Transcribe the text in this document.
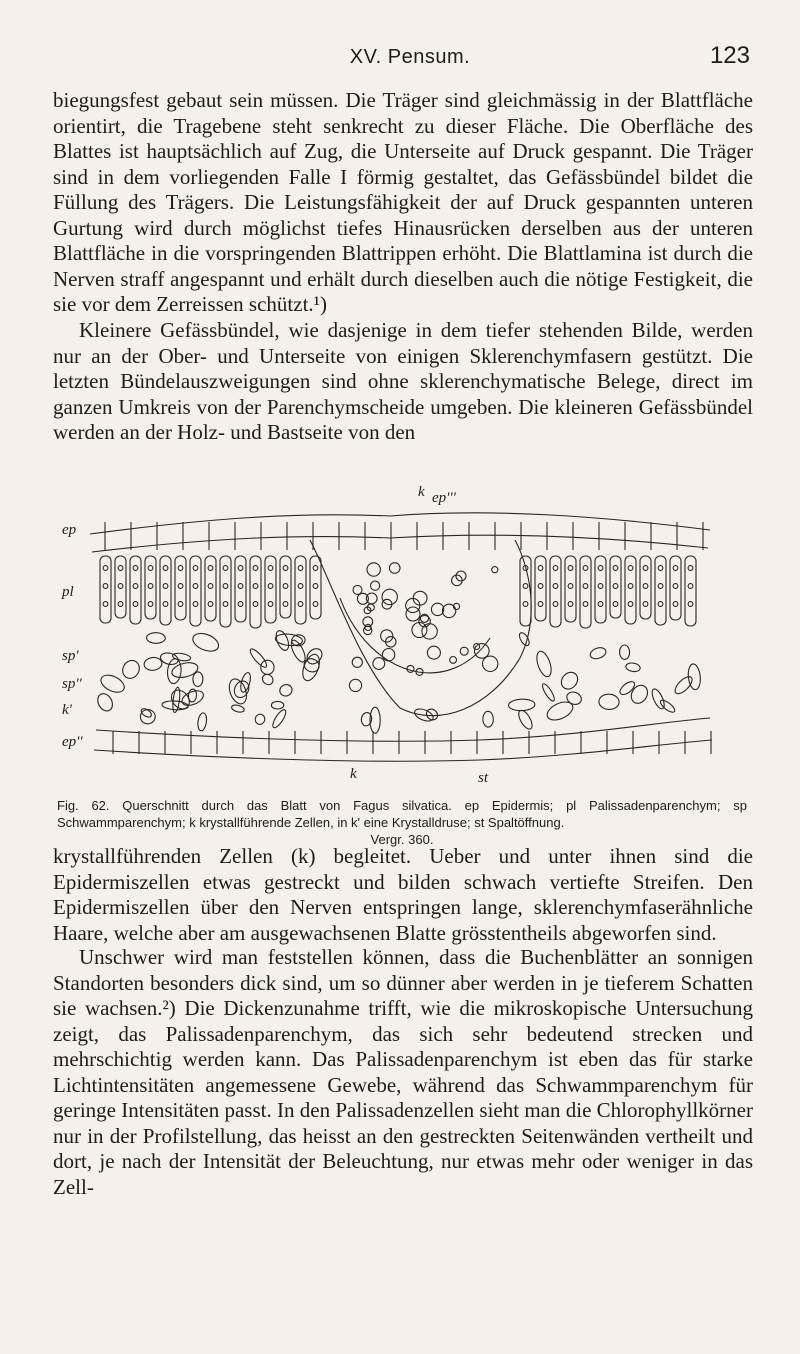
XV. Pensum.	123

biegungsfest gebaut sein müssen. Die Träger sind gleichmässig in der Blattfläche orientirt, die Tragebene steht senkrecht zu dieser Fläche. Die Oberfläche des Blattes ist hauptsächlich auf Zug, die Unterseite auf Druck gespannt. Die Träger sind in dem vorliegenden Falle I förmig gestaltet, das Gefässbündel bildet die Füllung des Trägers. Die Leistungsfähigkeit der auf Druck gespannten unteren Gurtung wird durch möglichst tiefes Hinausrücken derselben aus der unteren Blattfläche in die vorspringenden Blattrippen erhöht. Die Blattlamina ist durch die Nerven straff angespannt und erhält durch dieselben auch die nötige Festigkeit, die sie vor dem Zerreissen schützt.¹)

Kleinere Gefässbündel, wie dasjenige in dem tiefer stehenden Bilde, werden nur an der Ober- und Unterseite von einigen Sklerenchymfasern gestützt. Die letzten Bündelauszweigungen sind ohne sklerenchymatische Belege, direct im ganzen Umkreis von der Parenchymscheide umgeben. Die kleineren Gefässbündel werden an der Holz- und Bastseite von den

k ep'''
ep
pl
sp'
sp''
k'
ep''
k	st

Fig. 62. Querschnitt durch das Blatt von Fagus silvatica. ep Epidermis; pl Palissadenparenchym; sp Schwammparenchym; k krystallführende Zellen, in k' eine Krystalldruse; st Spaltöffnung.
Vergr. 360.

krystallführenden Zellen (k) begleitet. Ueber und unter ihnen sind die Epidermiszellen etwas gestreckt und bilden schwach vertiefte Streifen. Den Epidermiszellen über den Nerven entspringen lange, sklerenchymfaserähnliche Haare, welche aber am ausgewachsenen Blatte grösstentheils abgeworfen sind.

Unschwer wird man feststellen können, dass die Buchenblätter an sonnigen Standorten besonders dick sind, um so dünner aber werden in je tieferem Schatten sie wachsen.²) Die Dickenzunahme trifft, wie die mikroskopische Untersuchung zeigt, das Palissadenparenchym, das sich sehr bedeutend strecken und mehrschichtig werden kann. Das Palissadenparenchym ist eben das für starke Lichtintensitäten angemessene Gewebe, während das Schwammparenchym für geringe Intensitäten passt. In den Palissadenzellen sieht man die Chlorophyllkörner nur in der Profilstellung, das heisst an den gestreckten Seitenwänden vertheilt und dort, je nach der Intensität der Beleuchtung, nur etwas mehr oder weniger in das Zell-
